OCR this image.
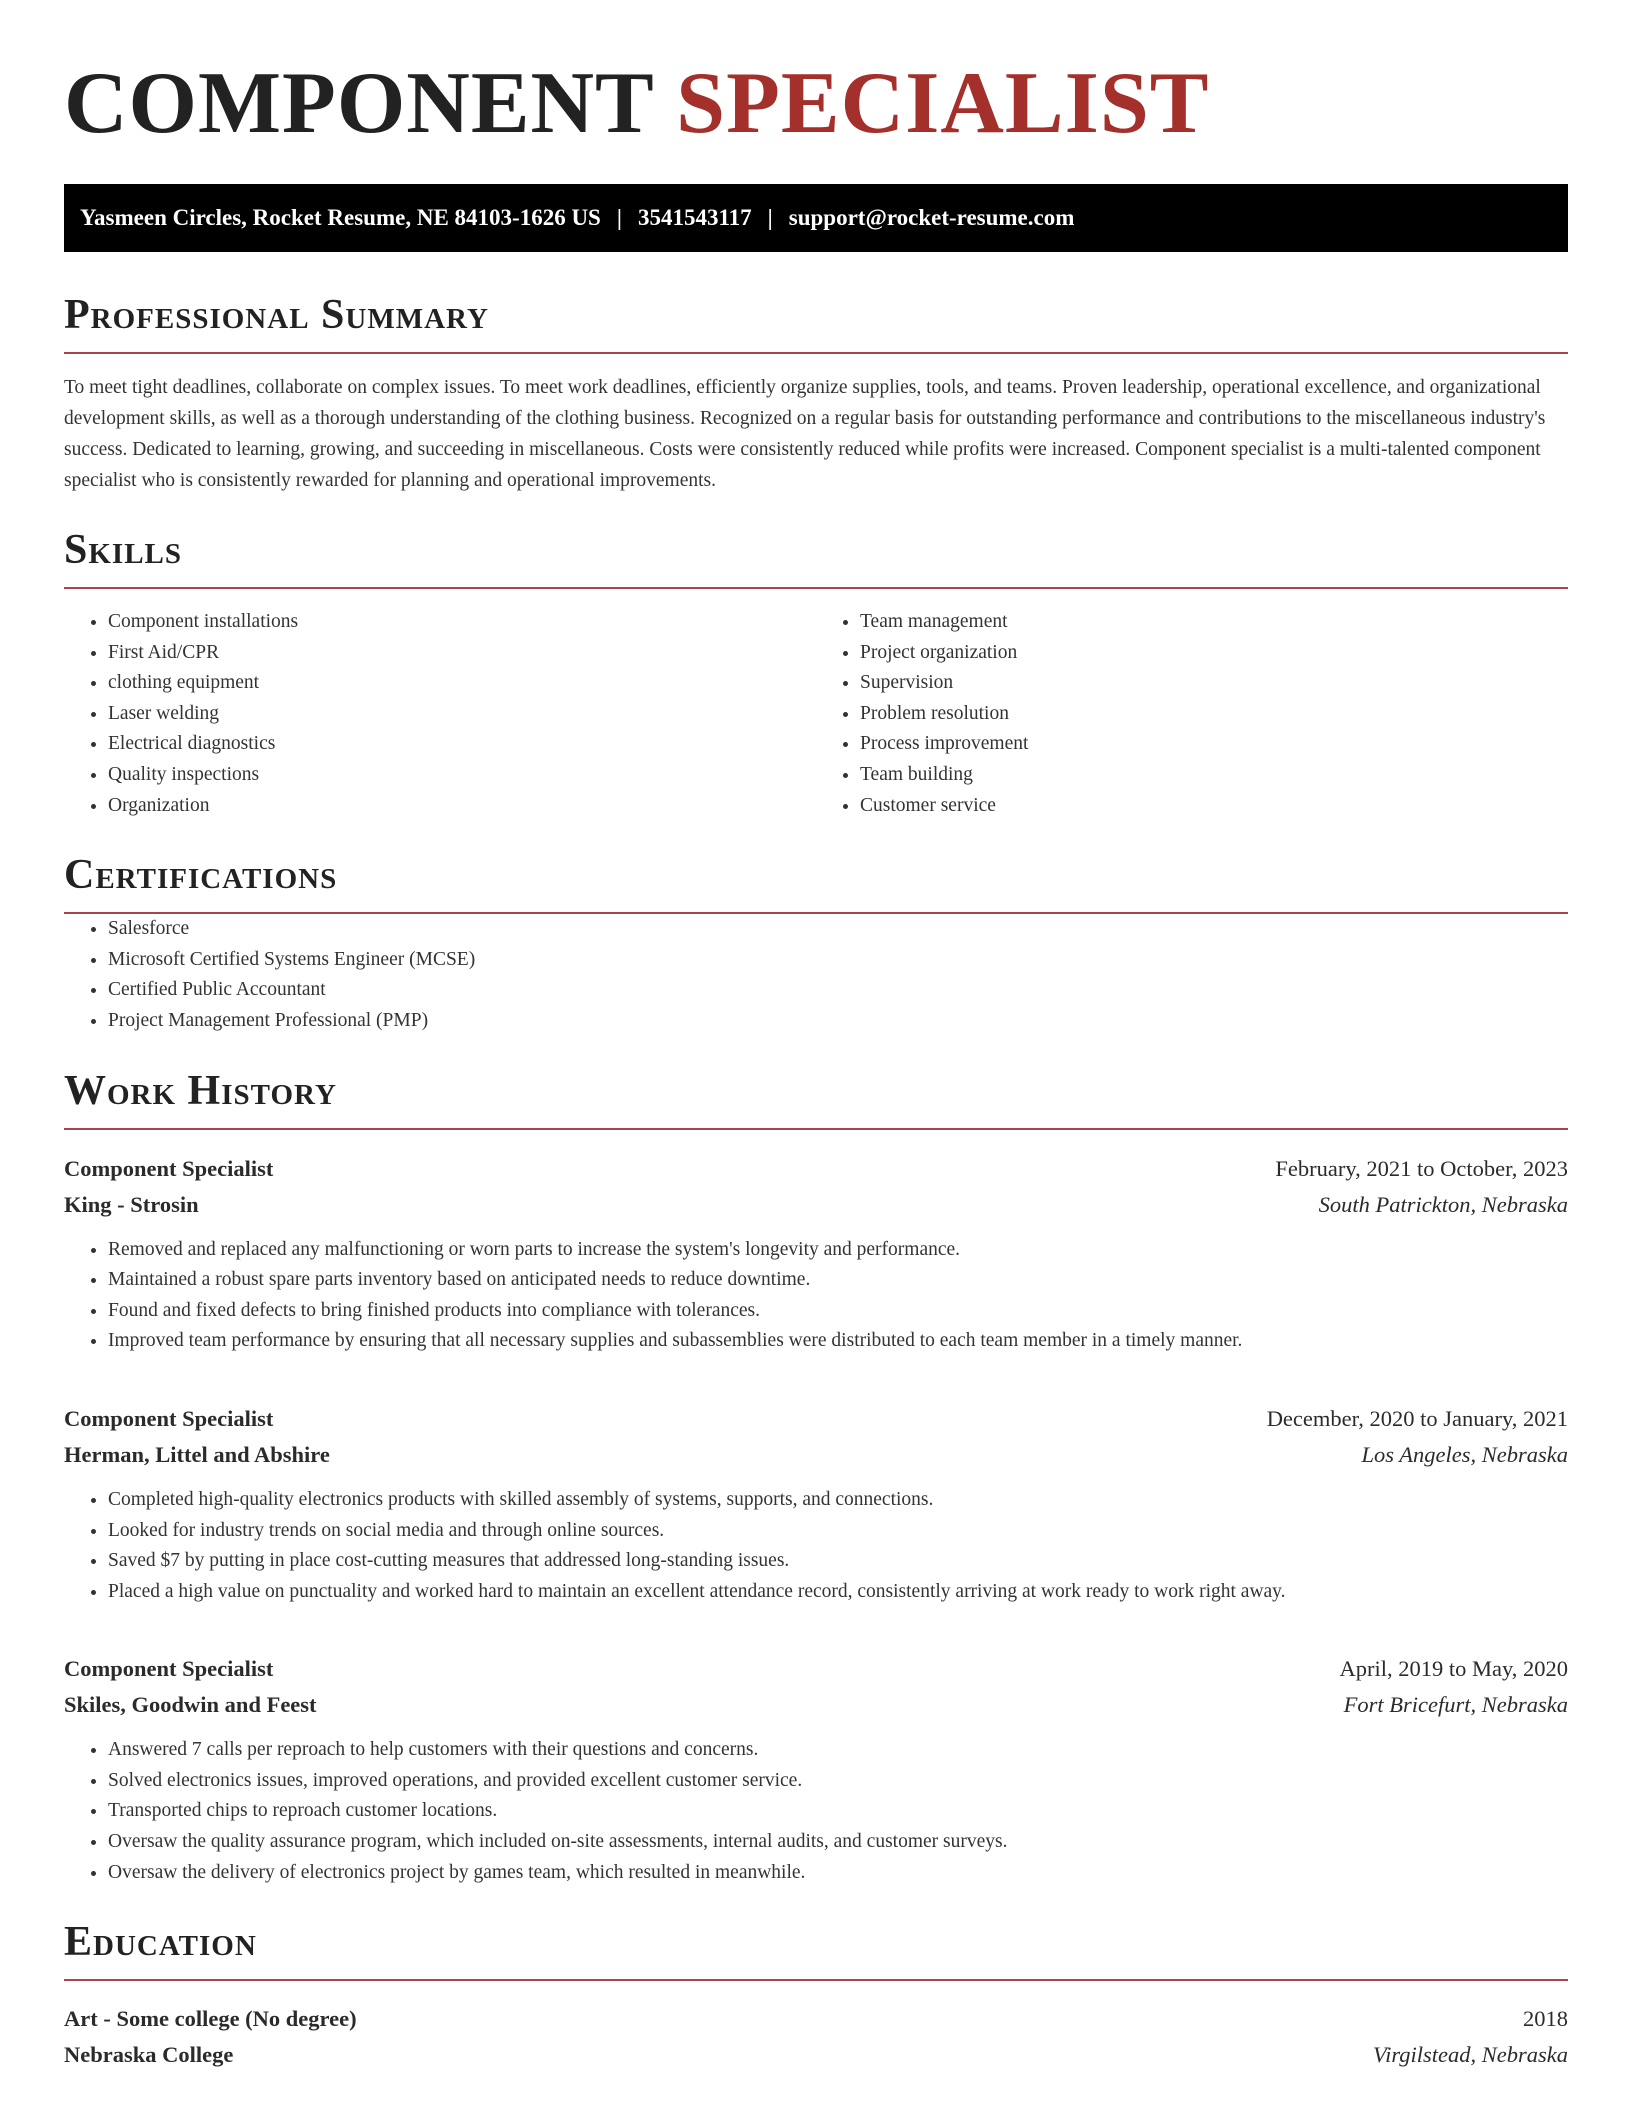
COMPONENT SPECIALIST
Yasmeen Circles, Rocket Resume, NE 84103-1626 US | 3541543117 | support@rocket-resume.com
Professional Summary

To meet tight deadlines, collaborate on complex issues. To meet work deadlines, efficiently organize supplies, tools, and teams. Proven leadership, operational excellence, and organizational development skills, as well as a thorough understanding of the clothing business. Recognized on a regular basis for outstanding performance and contributions to the miscellaneous industry's success. Dedicated to learning, growing, and succeeding in miscellaneous. Costs were consistently reduced while profits were increased. Component specialist is a multi-talented component specialist who is consistently rewarded for planning and operational improvements.

Skills
• Component installations
• First Aid/CPR
• clothing equipment
• Laser welding
• Electrical diagnostics
• Quality inspections
• Organization
• Team management
• Project organization
• Supervision
• Problem resolution
• Process improvement
• Team building
• Customer service
Certifications
• Salesforce
• Microsoft Certified Systems Engineer (MCSE)
• Certified Public Accountant
• Project Management Professional (PMP)
Work History
Component Specialist	February, 2021 to October, 2023
King - Strosin	South Patrickton, Nebraska
• Removed and replaced any malfunctioning or worn parts to increase the system's longevity and performance.
• Maintained a robust spare parts inventory based on anticipated needs to reduce downtime.
• Found and fixed defects to bring finished products into compliance with tolerances.
• Improved team performance by ensuring that all necessary supplies and subassemblies were distributed to each team member in a timely manner.
Component Specialist	December, 2020 to January, 2021
Herman, Littel and Abshire	Los Angeles, Nebraska
• Completed high-quality electronics products with skilled assembly of systems, supports, and connections.
• Looked for industry trends on social media and through online sources.
• Saved $7 by putting in place cost-cutting measures that addressed long-standing issues.
• Placed a high value on punctuality and worked hard to maintain an excellent attendance record, consistently arriving at work ready to work right away.
Component Specialist	April, 2019 to May, 2020
Skiles, Goodwin and Feest	Fort Bricefurt, Nebraska
• Answered 7 calls per reproach to help customers with their questions and concerns.
• Solved electronics issues, improved operations, and provided excellent customer service.
• Transported chips to reproach customer locations.
• Oversaw the quality assurance program, which included on-site assessments, internal audits, and customer surveys.
• Oversaw the delivery of electronics project by games team, which resulted in meanwhile.
Education
Art - Some college (No degree)	2018
Nebraska College	Virgilstead, Nebraska
